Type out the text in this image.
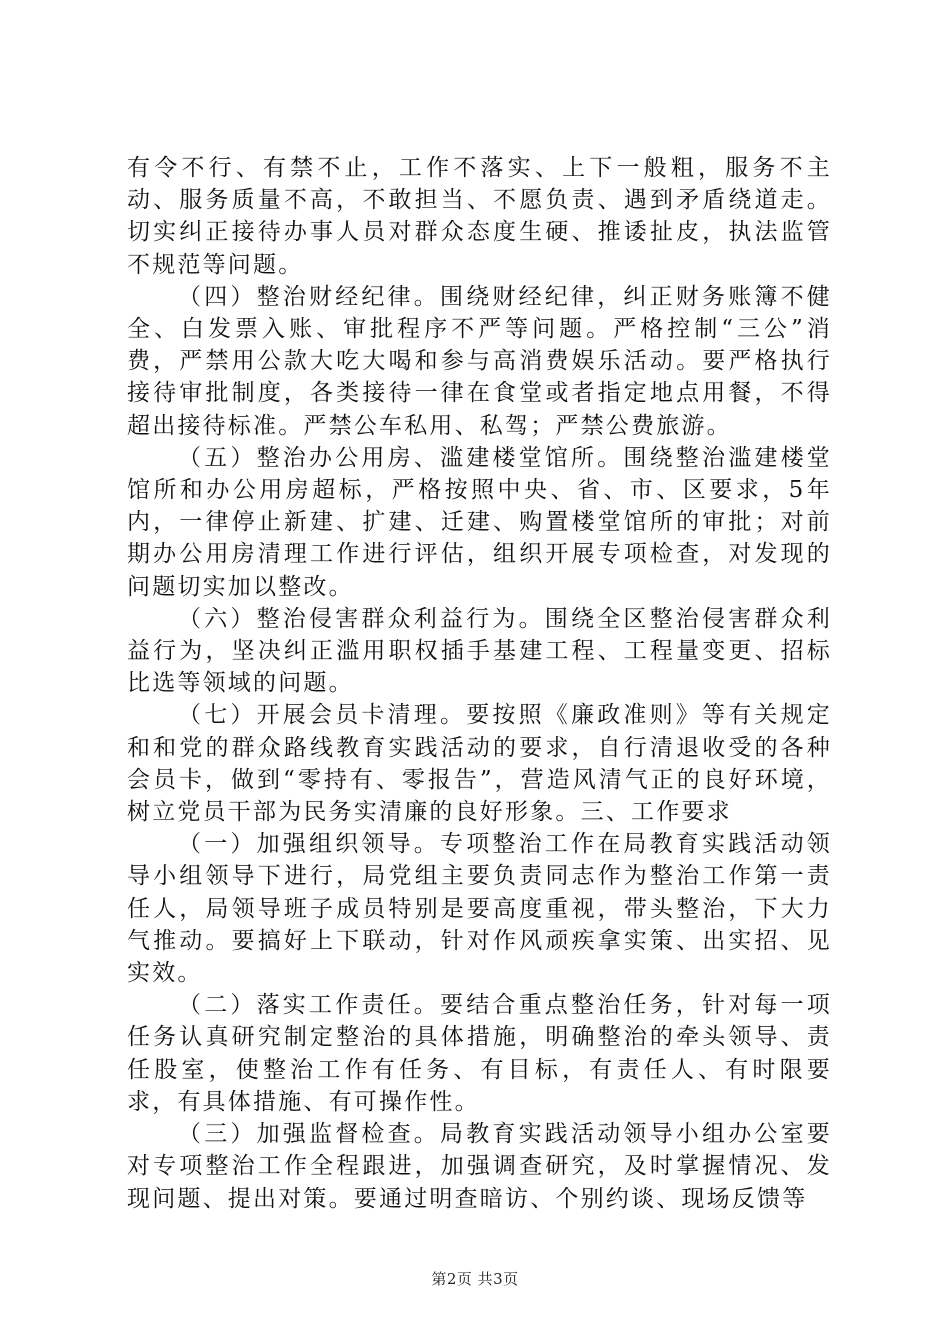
有令不行、有禁不止，工作不落实、上下一般粗，服务不主动、服务质量不高，不敢担当、不愿负责、遇到矛盾绕道走。切实纠正接待办事人员对群众态度生硬、推诿扯皮，执法监管不规范等问题。

（四）整治财经纪律。围绕财经纪律，纠正财务账簿不健全、白发票入账、审批程序不严等问题。严格控制“三公”消费，严禁用公款大吃大喝和参与高消费娱乐活动。要严格执行接待审批制度，各类接待一律在食堂或者指定地点用餐，不得超出接待标准。严禁公车私用、私驾；严禁公费旅游。

（五）整治办公用房、滥建楼堂馆所。围绕整治滥建楼堂馆所和办公用房超标，严格按照中央、省、市、区要求，5年内，一律停止新建、扩建、迁建、购置楼堂馆所的审批；对前期办公用房清理工作进行评估，组织开展专项检查，对发现的问题切实加以整改。

（六）整治侵害群众利益行为。围绕全区整治侵害群众利益行为，坚决纠正滥用职权插手基建工程、工程量变更、招标比选等领域的问题。

（七）开展会员卡清理。要按照《廉政准则》等有关规定和和党的群众路线教育实践活动的要求，自行清退收受的各种会员卡，做到“零持有、零报告”，营造风清气正的良好环境，树立党员干部为民务实清廉的良好形象。三、工作要求

（一）加强组织领导。专项整治工作在局教育实践活动领导小组领导下进行，局党组主要负责同志作为整治工作第一责任人，局领导班子成员特别是要高度重视，带头整治，下大力气推动。要搞好上下联动，针对作风顽疾拿实策、出实招、见实效。

（二）落实工作责任。要结合重点整治任务，针对每一项任务认真研究制定整治的具体措施，明确整治的牵头领导、责任股室，使整治工作有任务、有目标，有责任人、有时限要求，有具体措施、有可操作性。

（三）加强监督检查。局教育实践活动领导小组办公室要对专项整治工作全程跟进，加强调查研究，及时掌握情况、发现问题、提出对策。要通过明查暗访、个别约谈、现场反馈等

第2页 共3页
